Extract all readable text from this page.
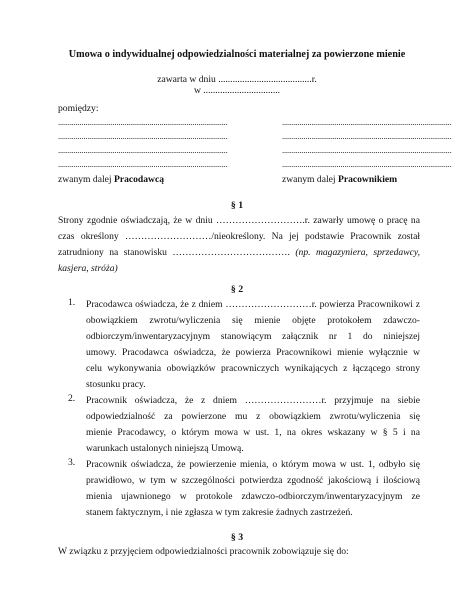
Umowa o indywidualnej odpowiedzialności materialnej za powierzone mienie
zawarta w dniu .......................................r.
w ................................
pomiędzy:
.......................................................................................
.......................................................................................
.......................................................................................
.......................................................................................
.......................................................................................
.......................................................................................
.......................................................................................
.......................................................................................
zwanym dalej Pracodawcą	zwanym dalej Pracownikiem
§ 1
Strony zgodnie oświadczają, że w dniu ……………………….r. zawarły umowę o pracę na
czas określony ………………………/nieokreślony. Na jej podstawie Pracownik został
zatrudniony na stanowisku ………………………………. (np. magazyniera, sprzedawcy,
kasjera, stróża)
§ 2
1. Pracodawca oświadcza, że z dniem ………………………r. powierza Pracownikowi z
obowiązkiem zwrotu/wyliczenia się mienie objęte protokołem zdawczo-
odbiorczym/inwentaryzacyjnym stanowiącym załącznik nr 1 do niniejszej
umowy. Pracodawca oświadcza, że powierza Pracownikowi mienie wyłącznie w
celu wykonywania obowiązków pracowniczych wynikających z łączącego strony
stosunku pracy.
2. Pracownik oświadcza, że z dniem ……………………r. przyjmuje na siebie
odpowiedzialność za powierzone mu z obowiązkiem zwrotu/wyliczenia się
mienie Pracodawcy, o którym mowa w ust. 1, na okres wskazany w § 5 i na
warunkach ustalonych niniejszą Umową.
3. Pracownik oświadcza, że powierzenie mienia, o którym mowa w ust. 1, odbyło się
prawidłowo, w tym w szczególności potwierdza zgodność jakościową i ilościową
mienia ujawnionego w protokole zdawczo-odbiorczym/inwentaryzacyjnym ze
stanem faktycznym, i nie zgłasza w tym zakresie żadnych zastrzeżeń.
§ 3
W związku z przyjęciem odpowiedzialności pracownik zobowiązuje się do:
